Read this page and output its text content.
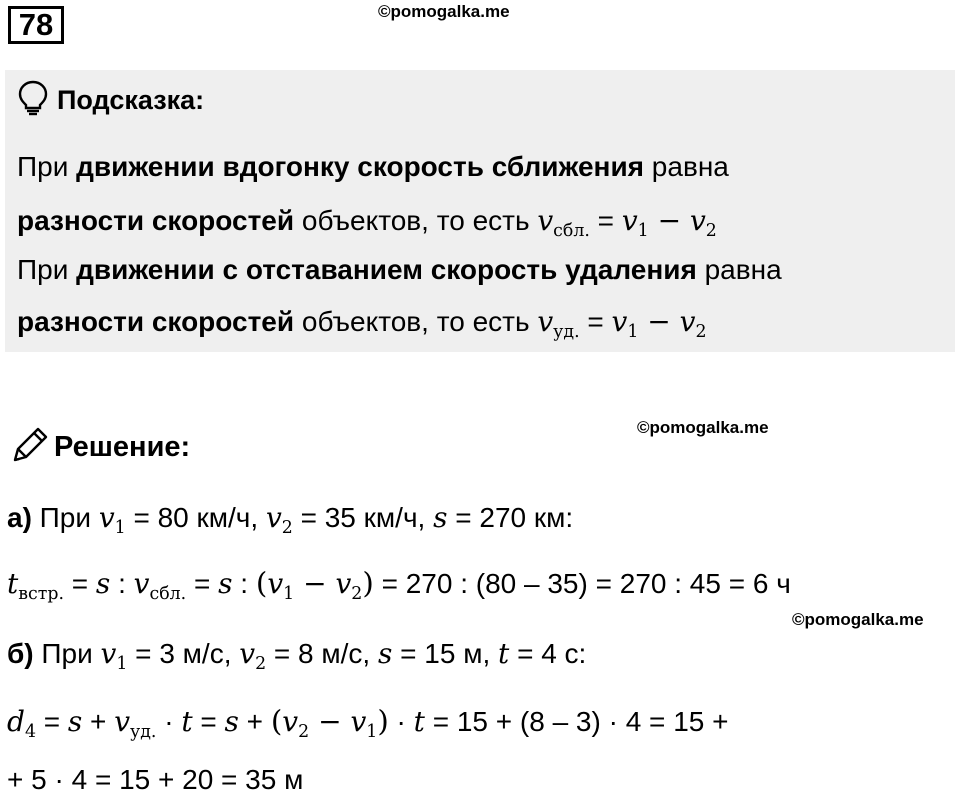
78	©pomogalka.me
Подсказка:
При движении вдогонку скорость сближения равна
разности скоростей объектов, то есть $v_{сбл.} = v_1 - v_2$
При движении с отставанием скорость удаления равна
разности скоростей объектов, то есть $v_{уд.} = v_1 - v_2$
©pomogalka.me
Решение:
а) При $v_1 = 80$ км/ч, $v_2 = 35$ км/ч, s = 270 км:
$t_{встр.} = s$ : $v_{сбл.} = s$ : $(v_1 - v_2) = 270$ : (80 – 35) = 270 : 45 = 6 ч
©pomogalka.me
б) При $v_1 = 3$ м/с, $v_2 = 8$ м/с, s = 15 м, t = 4 с:
$d_4 = s + v_{уд.} \cdot t = s + (v_2 - v_1) \cdot t = 15 + (8 - 3) \cdot 4 = 15$ +
+ 5 · 4 = 15 + 20 = 35 м
